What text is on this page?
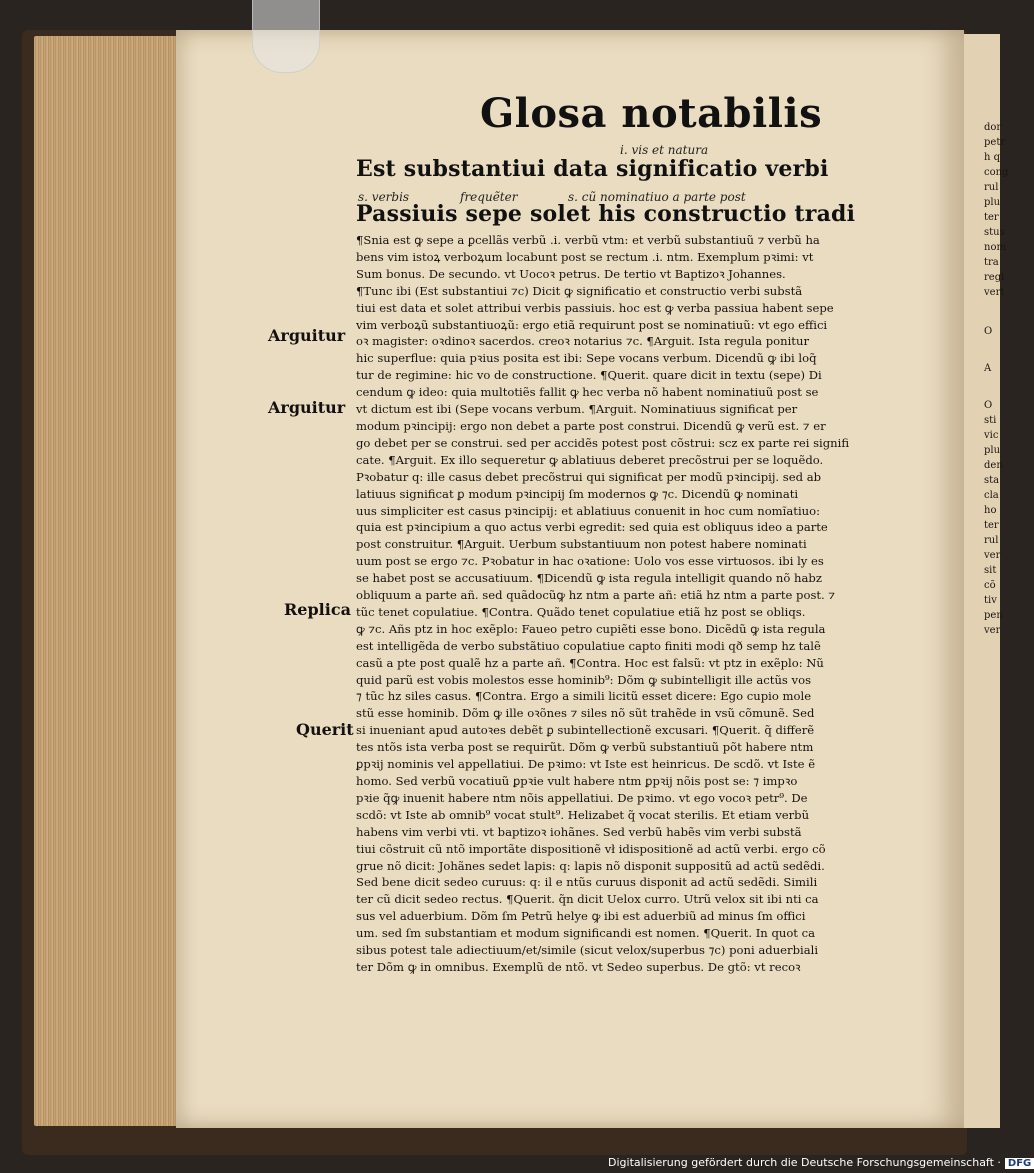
dor
petr
h q
cong
rul
plu
ter
stus
nom
tra
regi
vert
O
A
O
sti
vic
plu
den
sta
cla
ho
ter
rul
ver
sit
cõ
tiv
pen
ver
Glosa notabilis
i. vis et natura
Est substantiui data significatio verbi
s. verbis	frequẽter	s. cũ nominatiuo a parte post
Passiuis sepe solet his constructio tradi
Arguitur
Arguitur
Replica
Querit
¶Snia est ꝙ sepe a ꝑcellãs verbũ .i. verbũ vtm: et verbũ substantiuũ ⁊ verbũ ha
bens vim istoꝝ verboꝝum locabunt post se rectum .i. ntm. Exemplum pꝛimi: vt
Sum bonus. De secundo. vt Uocoꝛ petrus. De tertio vt Baptizoꝛ Johannes.
¶Tunc ibi (Est substantiui ⁊c) Dicit ꝙ significatio et constructio verbi substã
tiui est data et solet attribui verbis passiuis. hoc est ꝙ verba passiua habent sepe
vim verboꝝũ substantiuoꝝũ: ergo etiã requirunt post se nominatiuũ: vt ego effici
oꝛ magister: oꝛdinoꝛ sacerdos. creoꝛ notarius ⁊c. ¶Arguit. Ista regula ponitur
hic superflue: quia pꝛius posita est ibi: Sepe vocans verbum. Dicendũ ꝙ ibi loq̃
tur de regimine: hic vo de constructione. ¶Querit. quare dicit in textu (sepe) Di
cendum ꝙ ideo: quia multotiẽs fallit ꝙ hec verba nõ habent nominatiuũ post se
vt dictum est ibi (Sepe vocans verbum. ¶Arguit. Nominatiuus significat per
modum pꝛincipij: ergo non debet a parte post construi. Dicendũ ꝙ verũ est. ⁊ er
go debet per se construi. sed per accidẽs potest post cõstrui: scz ex parte rei signifi
cate. ¶Arguit. Ex illo sequeretur ꝙ ablatiuus deberet precõstrui per se loquẽdo.
Pꝛobatur q: ille casus debet precõstrui qui significat per modũ pꝛincipij. sed ab
latiuus significat ꝑ modum pꝛincipij ſm modernos ꝙ ⁊c. Dicendũ ꝙ nominati
uus simpliciter est casus pꝛincipij: et ablatiuus conuenit in hoc cum nomĩatiuo:
quia est pꝛincipium a quo actus verbi egredit: sed quia est obliquus ideo a parte
post construitur. ¶Arguit. Uerbum substantiuum non potest habere nominati
uum post se ergo ⁊c. Pꝛobatur in hac oꝛatione: Uolo vos esse virtuosos. ibi ly es
se habet post se accusatiuum. ¶Dicendũ ꝙ ista regula intelligit quando nõ habz
obliquum a parte añ. sed quãdocũꝙ hz ntm a parte añ: etiã hz ntm a parte post. ⁊
tũc tenet copulatiue. ¶Contra. Quãdo tenet copulatiue etiã hz post se obliqs.
ꝙ ⁊c. Añs ptz in hoc exẽplo: Faueo petro cupiẽti esse bono. Dicẽdũ ꝙ ista regula
est intelligẽda de verbo substãtiuo copulatiue capto finiti modi qð semp hz talẽ
casũ a pte post qualẽ hz a parte añ. ¶Contra. Hoc est falsũ: vt ptz in exẽplo: Nũ
quid parũ est vobis molestos esse hominib⁹: Dõm ꝙ subintelligit ille actũs vos
⁊ tũc hz siles casus. ¶Contra. Ergo a simili licitũ esset dicere: Ego cupio mole
stũ esse hominib. Dõm ꝙ ille oꝛõnes ⁊ siles nõ sũt trahẽde in vsũ cõmunẽ. Sed
si inueniant apud autoꝛes debẽt ꝑ subintellectionẽ excusari. ¶Querit. q̃ differẽ
tes ntõs ista verba post se requirũt. Dõm ꝙ verbũ substantiuũ põt habere ntm
ꝑpꝛij nominis vel appellatiui. De pꝛimo: vt Iste est heinricus. De scdõ. vt Iste ẽ
homo. Sed verbũ vocatiuũ ꝑpꝛie vult habere ntm ꝑpꝛij nõis post se: ⁊ impꝛo
pꝛie q̃ꝙ inuenit habere ntm nõis appellatiui. De pꝛimo. vt ego vocoꝛ petr⁹. De
scdõ: vt Iste ab omnib⁹ vocat stult⁹. Helizabet q̃ vocat sterilis. Et etiam verbũ
habens vim verbi vti. vt baptizoꝛ iohãnes. Sed verbũ habẽs vim verbi substã
tiui cõstruit cũ ntõ importãte dispositionẽ vł idispositionẽ ad actũ verbi. ergo cõ
grue nõ dicit: Johãnes sedet lapis: q: lapis nõ disponit suppositũ ad actũ sedẽdi.
Sed bene dicit sedeo curuus: q: il e ntũs curuus disponit ad actũ sedẽdi. Simili
ter cũ dicit sedeo rectus. ¶Querit. q̃n dicit Uelox curro. Utrũ velox sit ibi nti ca
sus vel aduerbium. Dõm ſm Petrũ helye ꝙ ibi est aduerbiũ ad minus ſm offici
um. sed ſm substantiam et modum significandi est nomen. ¶Querit. In quot ca
sibus potest tale adiectiuum/et/simile (sicut velox/superbus ⁊c) poni aduerbiali
ter Dõm ꝙ in omnibus. Exemplũ de ntõ. vt Sedeo superbus. De gtõ: vt recoꝛ
Digitalisierung gefördert durch die Deutsche Forschungsgemeinschaft · DFG
